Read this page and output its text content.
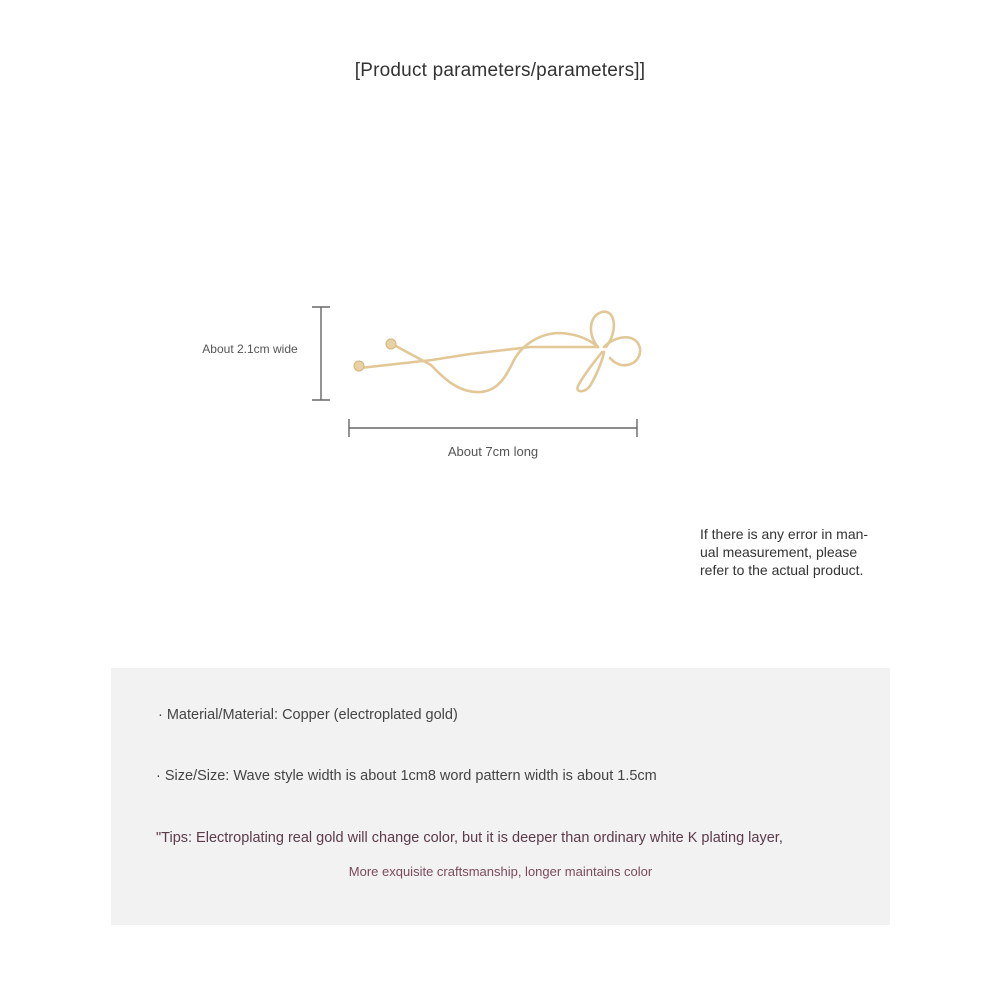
[Product parameters/parameters]]
About 2.1cm wide
About 7cm long
If there is any error in man-
ual measurement, please
refer to the actual product.
· Material/Material: Copper (electroplated gold)
· Size/Size: Wave style width is about 1cm8 word pattern width is about 1.5cm
"Tips: Electroplating real gold will change color, but it is deeper than ordinary white K plating layer,
More exquisite craftsmanship, longer maintains color
